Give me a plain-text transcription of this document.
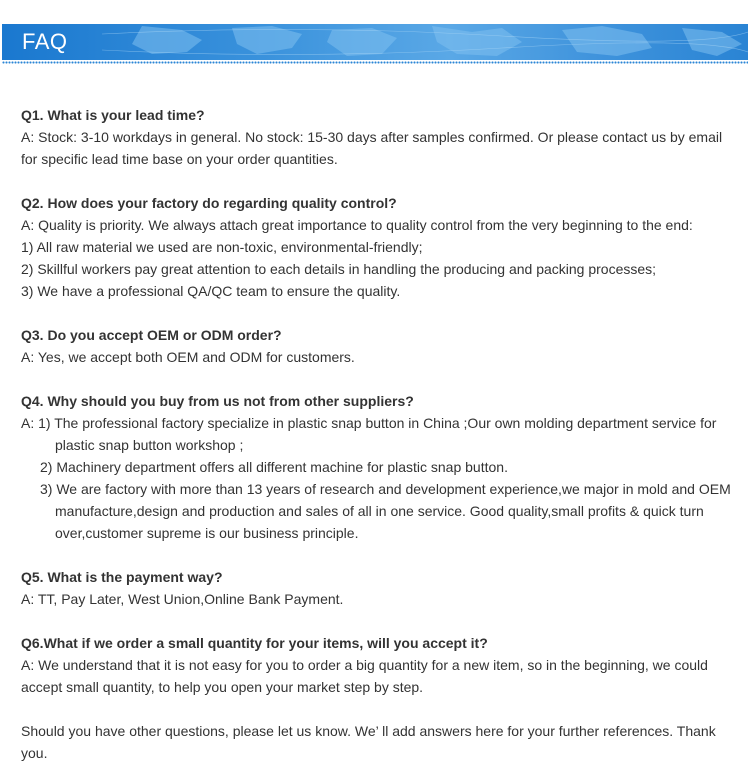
FAQ
Q1. What is your lead time?
A: Stock: 3-10 workdays in general. No stock: 15-30 days after samples confirmed. Or please contact us by email for specific lead time base on your order quantities.
Q2. How does your factory do regarding quality control?
A: Quality is priority. We always attach great importance to quality control from the very beginning to the end:
1) All raw material we used are non-toxic, environmental-friendly;
2) Skillful workers pay great attention to each details in handling the producing and packing processes;
3) We have a professional QA/QC team to ensure the quality.
Q3. Do you accept OEM or ODM order?
A: Yes, we accept both OEM and ODM for customers.
Q4. Why should you buy from us not from other suppliers?
A: 1) The professional factory specialize in plastic snap button in China ;Our own molding department service for
plastic snap button workshop ;
2) Machinery department offers all different machine for plastic snap button.
3) We are factory with more than 13 years of research and development experience,we major in mold and OEM
manufacture,design and production and sales of all in one service. Good quality,small profits & quick turn
over,customer supreme is our business principle.
Q5. What is the payment way?
A: TT, Pay Later, West Union,Online Bank Payment.
Q6.What if we order a small quantity for your items, will you accept it?
A: We understand that it is not easy for you to order a big quantity for a new item, so in the beginning, we could accept small quantity, to help you open your market step by step.
Should you have other questions, please let us know. We’ ll add answers here for your further references. Thank you.
